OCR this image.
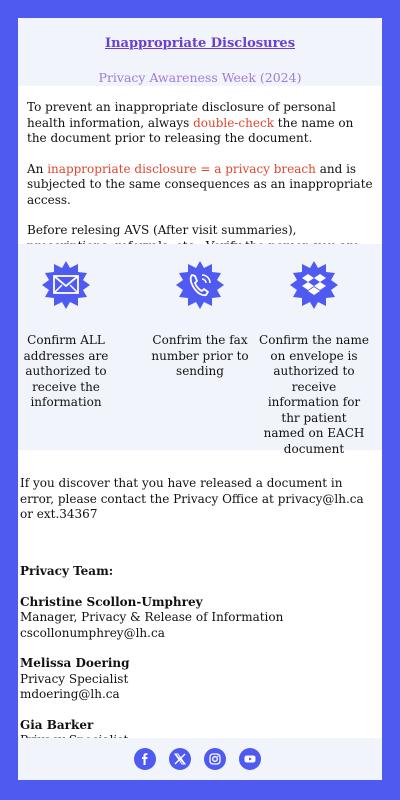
Inappropriate Disclosures
Privacy Awareness Week (2024)

To prevent an inappropriate disclosure of personal health information, always double-check the name on the document prior to releasing the document.

An inappropriate disclosure = a privacy breach and is subjected to the same consequences as an inappropriate access.

Before relesing AVS (After visit summaries),

Confirm ALL addresses are authorized to receive the information
Confrim the fax number prior to sending
Confirm the name on envelope is authorized to receive information for thr patient named on EACH document
If you discover that you have released a document in error, please contact the Privacy Office at privacy@lh.ca or ext.34367
Privacy Team:
Christine Scollon-Umphrey
Manager, Privacy & Release of Information
cscollonumphrey@lh.ca
Melissa Doering
Privacy Specialist
mdoering@lh.ca
Gia Barker
